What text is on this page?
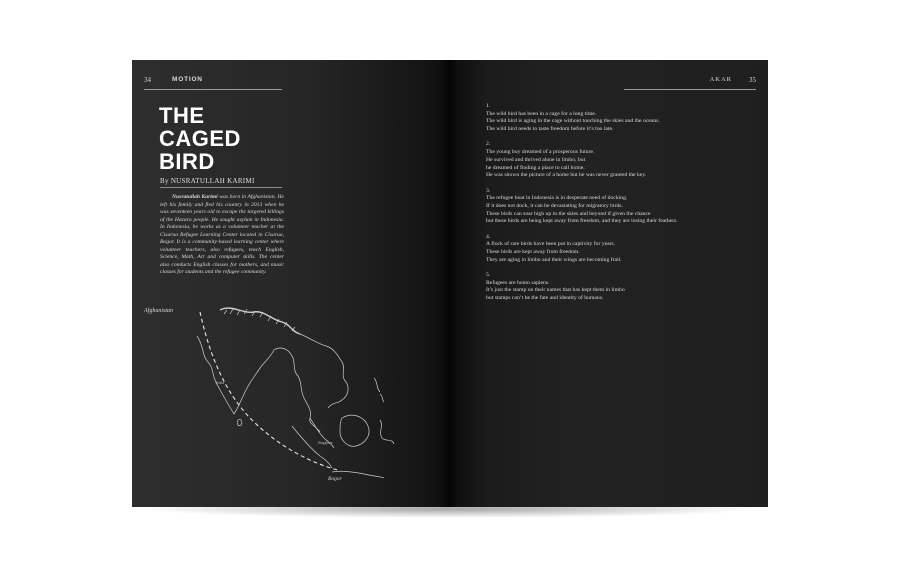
34	MOTION
THE
CAGED
BIRD
By NUSRATULLAH KARIMI

Nusratullah Karimi was born in Afghanistan. He left his family and fled his country in 2013 when he was seventeen years old to escape the targeted killings of the Hazara people. He sought asylum in Indonesia. In Indonesia, he works as a volunteer teacher at the Cisarua Refugee Learning Center located in Cisarua, Bogor. It is a community-based learning center where volunteer teachers, also refugees, teach English, Science, Math, Art and computer skills. The center also conducts English classes for mothers, and music classes for students and the refugee community.

Afghanistan
India
Singapore
Bogor
AKAR 35
1.
The wild bird has been in a cage for a long time.
The wild bird is aging in the cage without touching the skies and the oceans.
The wild bird needs to taste freedom before it’s too late.
2.
The young boy dreamed of a prosperous future.
He survived and thrived alone in limbo, but
he dreamed of finding a place to call home.
He was shown the picture of a home but he was never granted the key.
3.
The refugee boat in Indonesia is in desperate need of docking.
If it does not dock, it can be devastating for migratory birds.
These birds can soar high up in the skies and beyond if given the chance
but these birds are being kept away from freedom, and they are losing their feathers.
4.
A flock of rare birds have been put in captivity for years.
These birds are kept away from freedom.
They are aging in limbo and their wings are becoming frail.
5.
Refugees are homo sapiens.
It’s just the stamp on their names that has kept them in limbo
but stamps can’t be the fate and identity of humans.
